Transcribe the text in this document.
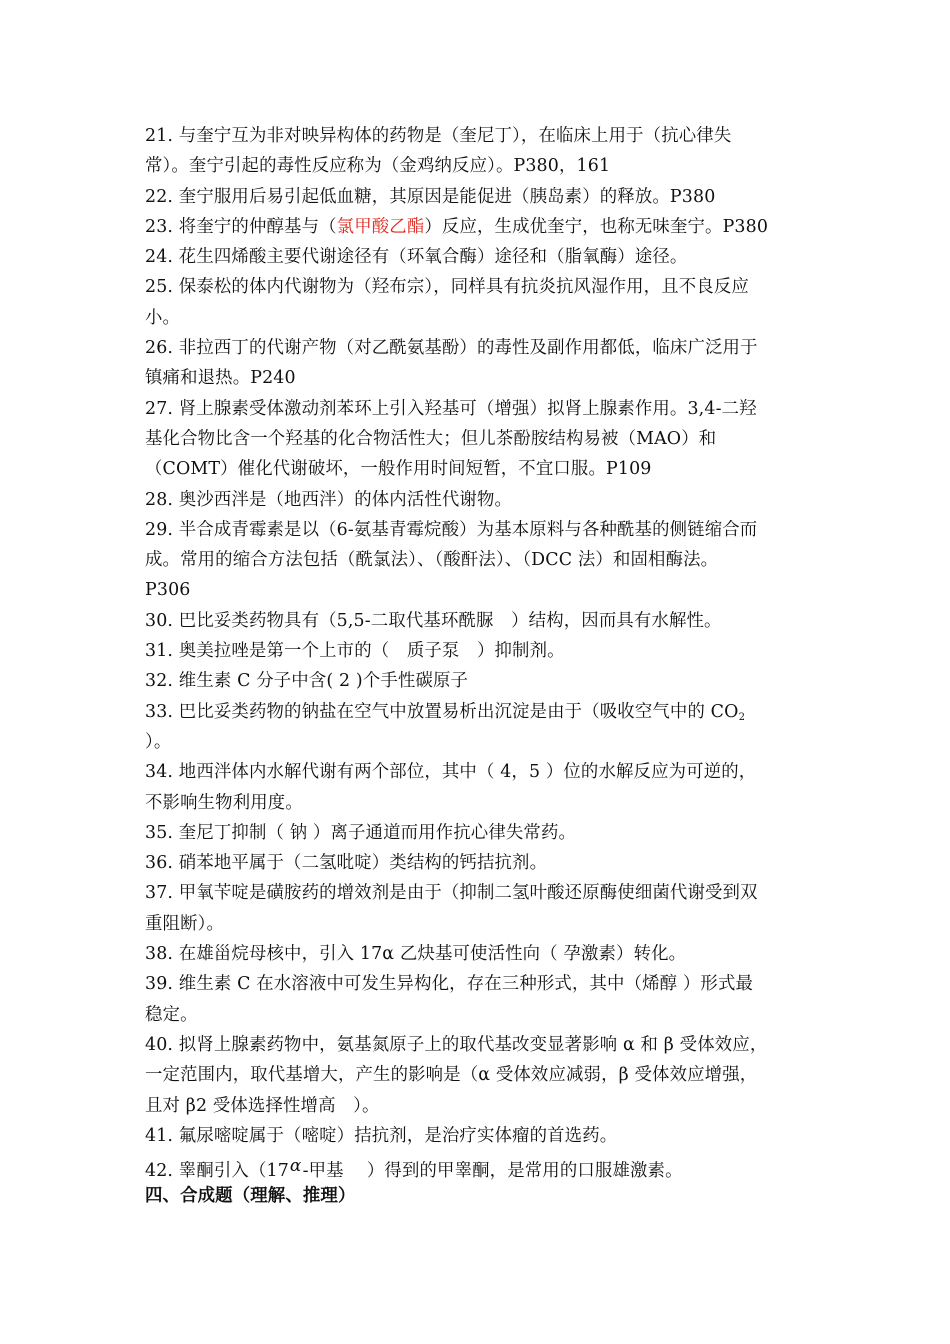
21. 与奎宁互为非对映异构体的药物是（奎尼丁），在临床上用于（抗心律失
常）。奎宁引起的毒性反应称为（金鸡纳反应）。P380，161
22. 奎宁服用后易引起低血糖，其原因是能促进（胰岛素）的释放。P380
23. 将奎宁的仲醇基与（氯甲酸乙酯）反应，生成优奎宁，也称无味奎宁。P380
24. 花生四烯酸主要代谢途径有（环氧合酶）途径和（脂氧酶）途径。
25. 保泰松的体内代谢物为（羟布宗），同样具有抗炎抗风湿作用，且不良反应
小。
26. 非拉西丁的代谢产物（对乙酰氨基酚）的毒性及副作用都低，临床广泛用于
镇痛和退热。P240
27. 肾上腺素受体激动剂苯环上引入羟基可（增强）拟肾上腺素作用。3,4-二羟
基化合物比含一个羟基的化合物活性大；但儿茶酚胺结构易被（MAO）和
（COMT）催化代谢破坏，一般作用时间短暂，不宜口服。P109
28. 奥沙西泮是（地西泮）的体内活性代谢物。
29. 半合成青霉素是以（6-氨基青霉烷酸）为基本原料与各种酰基的侧链缩合而
成。常用的缩合方法包括（酰氯法）、（酸酐法）、（DCC 法）和固相酶法。
P306
30. 巴比妥类药物具有（5,5-二取代基环酰脲　）结构，因而具有水解性。
31. 奥美拉唑是第一个上市的（　质子泵　）抑制剂。
32. 维生素 C 分子中含( 2 )个手性碳原子
33. 巴比妥类药物的钠盐在空气中放置易析出沉淀是由于（吸收空气中的 $CO_2$
）。
34. 地西泮体内水解代谢有两个部位，其中（ 4，5 ）位的水解反应为可逆的，
不影响生物利用度。
35. 奎尼丁抑制（ 钠 ）离子通道而用作抗心律失常药。
36. 硝苯地平属于（二氢吡啶）类结构的钙拮抗剂。
37. 甲氧苄啶是磺胺药的增效剂是由于（抑制二氢叶酸还原酶使细菌代谢受到双
重阻断）。
38. 在雄甾烷母核中，引入 17α 乙炔基可使活性向（ 孕激素）转化。
39. 维生素 C 在水溶液中可发生异构化，存在三种形式，其中（烯醇 ）形式最
稳定。
40. 拟肾上腺素药物中，氨基氮原子上的取代基改变显著影响 α 和 β 受体效应，
一定范围内，取代基增大，产生的影响是（α 受体效应减弱，β 受体效应增强，
且对 β2 受体选择性增高　）。
41. 氟尿嘧啶属于（嘧啶）拮抗剂，是治疗实体瘤的首选药。
42. 睾酮引入（17α-甲基　 ）得到的甲睾酮，是常用的口服雄激素。
四、合成题（理解、推理）
